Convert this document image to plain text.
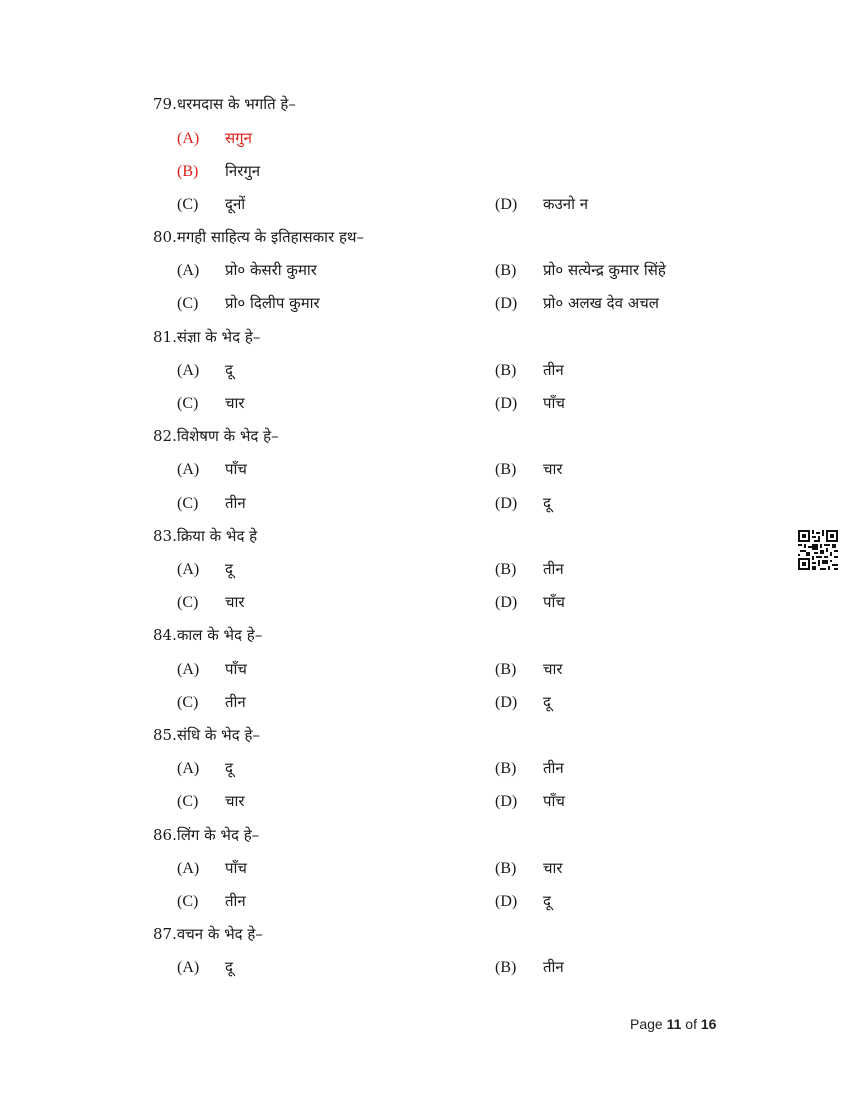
79.धरमदास के भगति हे–
(A) सगुन
(B) निरगुन
(C) दूनों	(D) कउनो न
80.मगही साहित्य के इतिहासकार हथ–
(A) प्रो० केसरी कुमार	(B) प्रो० सत्येन्द्र कुमार सिंहे
(C) प्रो० दिलीप कुमार	(D) प्रो० अलख देव अचल
81.संज्ञा के भेद हे–
(A) दू	(B) तीन
(C) चार	(D) पाँच
82.विशेषण के भेद हे–
(A) पाँच	(B) चार
(C) तीन	(D) दू
83.क्रिया के भेद हे
(A) दू	(B) तीन
(C) चार	(D) पाँच
84.काल के भेद हे–
(A) पाँच	(B) चार
(C) तीन	(D) दू
85.संधि के भेद हे–
(A) दू	(B) तीन
(C) चार	(D) पाँच
86.लिंग के भेद हे–
(A) पाँच	(B) चार
(C) तीन	(D) दू
87.वचन के भेद हे–
(A) दू	(B) तीन
Page 11 of 16
